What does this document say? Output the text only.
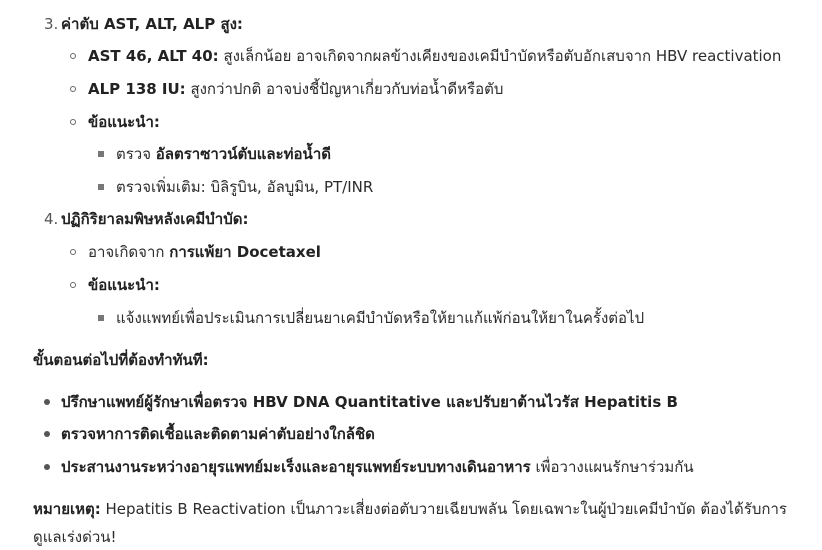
3. ค่าตับ AST, ALT, ALP สูง:
AST 46, ALT 40: สูงเล็กน้อย อาจเกิดจากผลข้างเคียงของเคมีบำบัดหรือตับอักเสบจาก HBV reactivation
ALP 138 IU: สูงกว่าปกติ อาจบ่งชี้ปัญหาเกี่ยวกับท่อน้ำดีหรือตับ
ข้อแนะนำ:
ตรวจ อัลตราซาวน์ตับและท่อน้ำดี
ตรวจเพิ่มเติม: บิลิรูบิน, อัลบูมิน, PT/INR
4. ปฏิกิริยาลมพิษหลังเคมีบำบัด:
อาจเกิดจาก การแพ้ยา Docetaxel
ข้อแนะนำ:
แจ้งแพทย์เพื่อประเมินการเปลี่ยนยาเคมีบำบัดหรือให้ยาแก้แพ้ก่อนให้ยาในครั้งต่อไป
ขั้นตอนต่อไปที่ต้องทำทันที:
ปรึกษาแพทย์ผู้รักษาเพื่อตรวจ HBV DNA Quantitative และปรับยาต้านไวรัส Hepatitis B
ตรวจหาการติดเชื้อและติดตามค่าตับอย่างใกล้ชิด
ประสานงานระหว่างอายุรแพทย์มะเร็งและอายุรแพทย์ระบบทางเดินอาหาร เพื่อวางแผนรักษาร่วมกัน
หมายเหตุ: Hepatitis B Reactivation เป็นภาวะเสี่ยงต่อตับวายเฉียบพลัน โดยเฉพาะในผู้ป่วยเคมีบำบัด ต้องได้รับการ
ดูแลเร่งด่วน!
